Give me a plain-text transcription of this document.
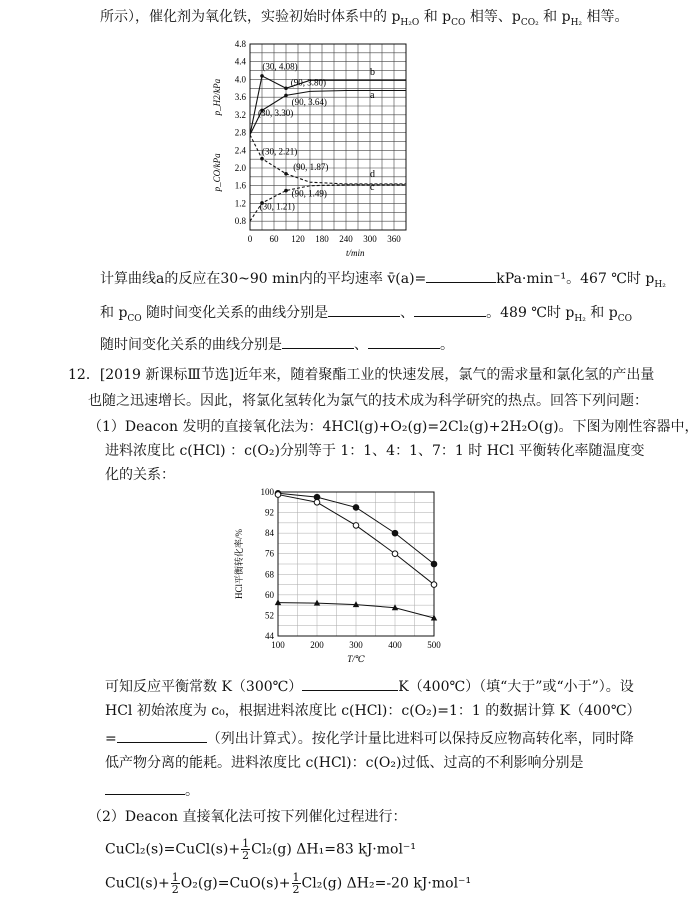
所示），催化剂为氧化铁，实验初始时体系中的 $p_{H_2O}$ 和 $p_{CO}$ 相等、$p_{CO_2}$ 和 $p_{H_2}$ 相等。
0.8
1.2
1.6
2.0
2.4
2.8
3.2
3.6
4.0
4.4
4.8
0 60 120 180 240 300 360
t/min
p_H2/kPa
p_CO/kPa
b
a
d
c
(30, 4.08)
(90, 3.80)
(90, 3.64)
(30, 3.30)
(30, 2.21)
(90, 1.87)
(90, 1.49)
(30, 1.21)
计算曲线a的反应在30~90 min内的平均速率 v̄(a)=	kPa·min⁻¹。467 ℃时 $p_{H_2}$
和 $p_{CO}$ 随时间变化关系的曲线分别是	、	。489 ℃时 $p_{H_2}$ 和 $p_{CO}$
随时间变化关系的曲线分别是	、	。
12．[2019 新课标Ⅲ节选]近年来，随着聚酯工业的快速发展，氯气的需求量和氯化氢的产出量
也随之迅速增长。因此，将氯化氢转化为氯气的技术成为科学研究的热点。回答下列问题：
（1）Deacon 发明的直接氧化法为：4HCl(g)+O₂(g)=2Cl₂(g)+2H₂O(g)。下图为刚性容器中，
进料浓度比 c(HCl) ：c(O₂)分别等于 1：1、4：1、7：1 时 HCl 平衡转化率随温度变
化的关系：
44
52
60
68
76
84
92
100
100	200	300	400	500
T/℃
HCl平衡转化率/%
可知反应平衡常数 K（300℃）	K（400℃）（填“大于”或“小于”）。设
HCl 初始浓度为 c₀，根据进料浓度比 c(HCl)：c(O₂)=1：1 的数据计算 K（400℃）
=	（列出计算式）。按化学计量比进料可以保持反应物高转化率，同时降
低产物分离的能耗。进料浓度比 c(HCl)：c(O₂)过低、过高的不利影响分别是
。
（2）Deacon 直接氧化法可按下列催化过程进行：
CuCl₂(s)=CuCl(s)+ $\frac{1}{2} Cl_2(g)$ ΔH₁=83 kJ·mol⁻¹
CuCl(s)+ $\frac{1}{2} O_2(g)=CuO(s)+ \frac{1}{2} Cl_2(g)$ ΔH₂=-20 kJ·mol⁻¹
